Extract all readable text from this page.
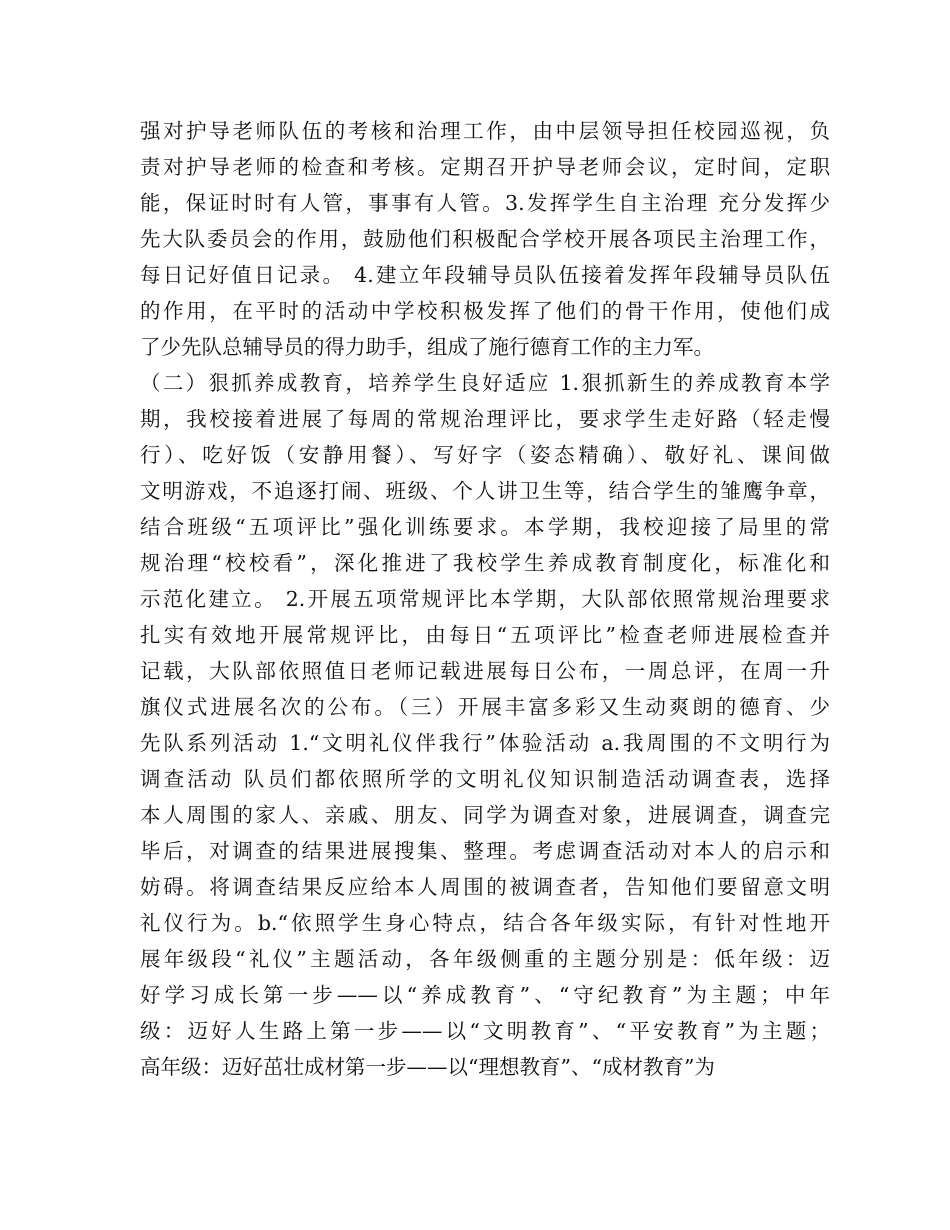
强对护导老师队伍的考核和治理工作，由中层领导担任校园巡视，负
责对护导老师的检查和考核。定期召开护导老师会议，定时间，定职
能，保证时时有人管，事事有人管。3.发挥学生自主治理 充分发挥少
先大队委员会的作用，鼓励他们积极配合学校开展各项民主治理工作，
每日记好值日记录。 4.建立年段辅导员队伍接着发挥年段辅导员队伍
的作用，在平时的活动中学校积极发挥了他们的骨干作用，使他们成
了少先队总辅导员的得力助手，组成了施行德育工作的主力军。
（二）狠抓养成教育，培养学生良好适应 1.狠抓新生的养成教育本学
期，我校接着进展了每周的常规治理评比，要求学生走好路（轻走慢
行）、吃好饭（安静用餐）、写好字（姿态精确）、敬好礼、课间做
文明游戏，不追逐打闹、班级、个人讲卫生等，结合学生的雏鹰争章，
结合班级“五项评比”强化训练要求。本学期，我校迎接了局里的常
规治理“校校看”，深化推进了我校学生养成教育制度化，标准化和
示范化建立。 2.开展五项常规评比本学期，大队部依照常规治理要求
扎实有效地开展常规评比，由每日“五项评比”检查老师进展检查并
记载，大队部依照值日老师记载进展每日公布，一周总评，在周一升
旗仪式进展名次的公布。（三）开展丰富多彩又生动爽朗的德育、少
先队系列活动 1.“文明礼仪伴我行”体验活动 a.我周围的不文明行为
调查活动 队员们都依照所学的文明礼仪知识制造活动调查表，选择
本人周围的家人、亲戚、朋友、同学为调查对象，进展调查，调查完
毕后，对调查的结果进展搜集、整理。考虑调查活动对本人的启示和
妨碍。将调查结果反应给本人周围的被调查者，告知他们要留意文明
礼仪行为。b.“依照学生身心特点，结合各年级实际，有针对性地开
展年级段“礼仪”主题活动，各年级侧重的主题分别是：低年级：迈
好学习成长第一步——以“养成教育”、“守纪教育”为主题；中年
级：迈好人生路上第一步——以“文明教育”、“平安教育”为主题；
高年级：迈好茁壮成材第一步——以“理想教育”、“成材教育”为
